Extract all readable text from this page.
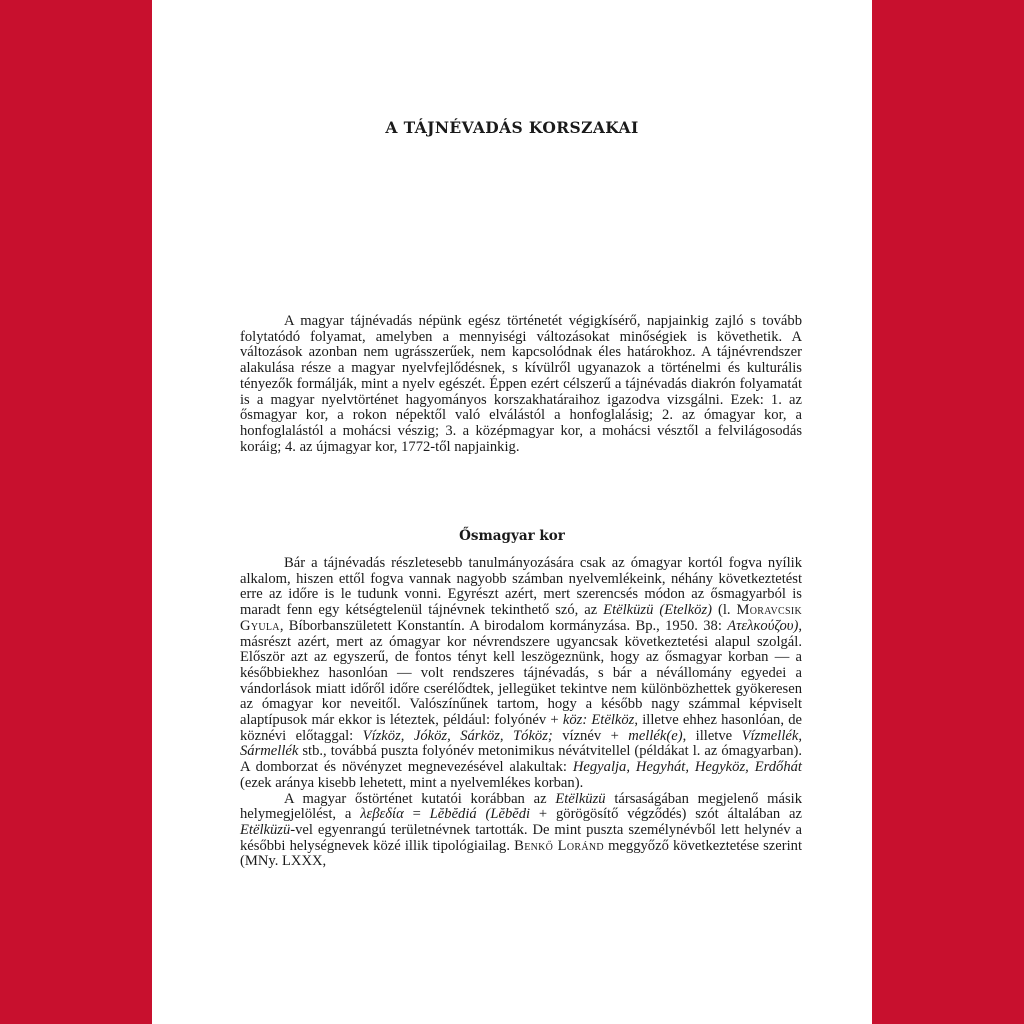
A TÁJNÉVADÁS KORSZAKAI

A magyar tájnévadás népünk egész történetét végigkísérő, napjainkig zajló s tovább folytatódó folyamat, amelyben a mennyiségi változásokat minőségiek is követhetik. A változások azonban nem ugrásszerűek, nem kapcsolódnak éles határokhoz. A tájnévrendszer alakulása része a magyar nyelvfejlődésnek, s kívülről ugyanazok a történelmi és kulturális tényezők formálják, mint a nyelv egészét. Éppen ezért célszerű a tájnévadás diakrón folyamatát is a magyar nyelvtörténet hagyományos korszakhatáraihoz igazodva vizsgálni. Ezek: 1. az ősmagyar kor, a rokon népektől való elválástól a honfoglalásig; 2. az ómagyar kor, a honfoglalástól a mohácsi vészig; 3. a középmagyar kor, a mohácsi vésztől a felvilágosodás koráig; 4. az újmagyar kor, 1772-től napjainkig.

Ősmagyar kor

Bár a tájnévadás részletesebb tanulmányozására csak az ómagyar kortól fogva nyílik alkalom, hiszen ettől fogva vannak nagyobb számban nyelvemlékeink, néhány következtetést erre az időre is le tudunk vonni. Egyrészt azért, mert szerencsés módon az ősmagyarból is maradt fenn egy kétségtelenül tájnévnek tekinthető szó, az Etëlküzü (Etelköz) (l. Moravcsik Gyula, Bíborbanszületett Konstantín. A birodalom kormányzása. Bp., 1950. 38: Ατελκούζου), másrészt azért, mert az ómagyar kor névrendszere ugyancsak következtetési alapul szolgál. Először azt az egyszerű, de fontos tényt kell leszögeznünk, hogy az ősmagyar korban — a későbbiekhez hasonlóan — volt rendszeres tájnévadás, s bár a névállomány egyedei a vándorlások miatt időről időre cserélődtek, jellegüket tekintve nem különbözhettek gyökeresen az ómagyar kor neveitől. Valószínűnek tartom, hogy a később nagy számmal képviselt alaptípusok már ekkor is léteztek, például: folyónév + köz: Etëlköz, illetve ehhez hasonlóan, de köznévi előtaggal: Vízköz, Jóköz, Sárköz, Tóköz; víznév + mellék(e), illetve Vízmellék, Sármellék stb., továbbá puszta folyónév metonimikus névátvitellel (példákat l. az ómagyarban). A domborzat és növényzet megnevezésével alakultak: Hegyalja, Hegyhát, Hegyköz, Erdőhát (ezek aránya kisebb lehetett, mint a nyelvemlékes korban).

A magyar őstörténet kutatói korábban az Etëlküzü társaságában megjelenő másik helymegjelölést, a λεβεδία = Lĕbĕdiá (Lĕbĕdi + görögösítő végződés) szót általában az Etëlküzü-vel egyenrangú területnévnek tartották. De mint puszta személynévből lett helynév a későbbi helységnevek közé illik tipológiailag. Benkő Loránd meggyőző következtetése szerint (MNy. LXXX,
